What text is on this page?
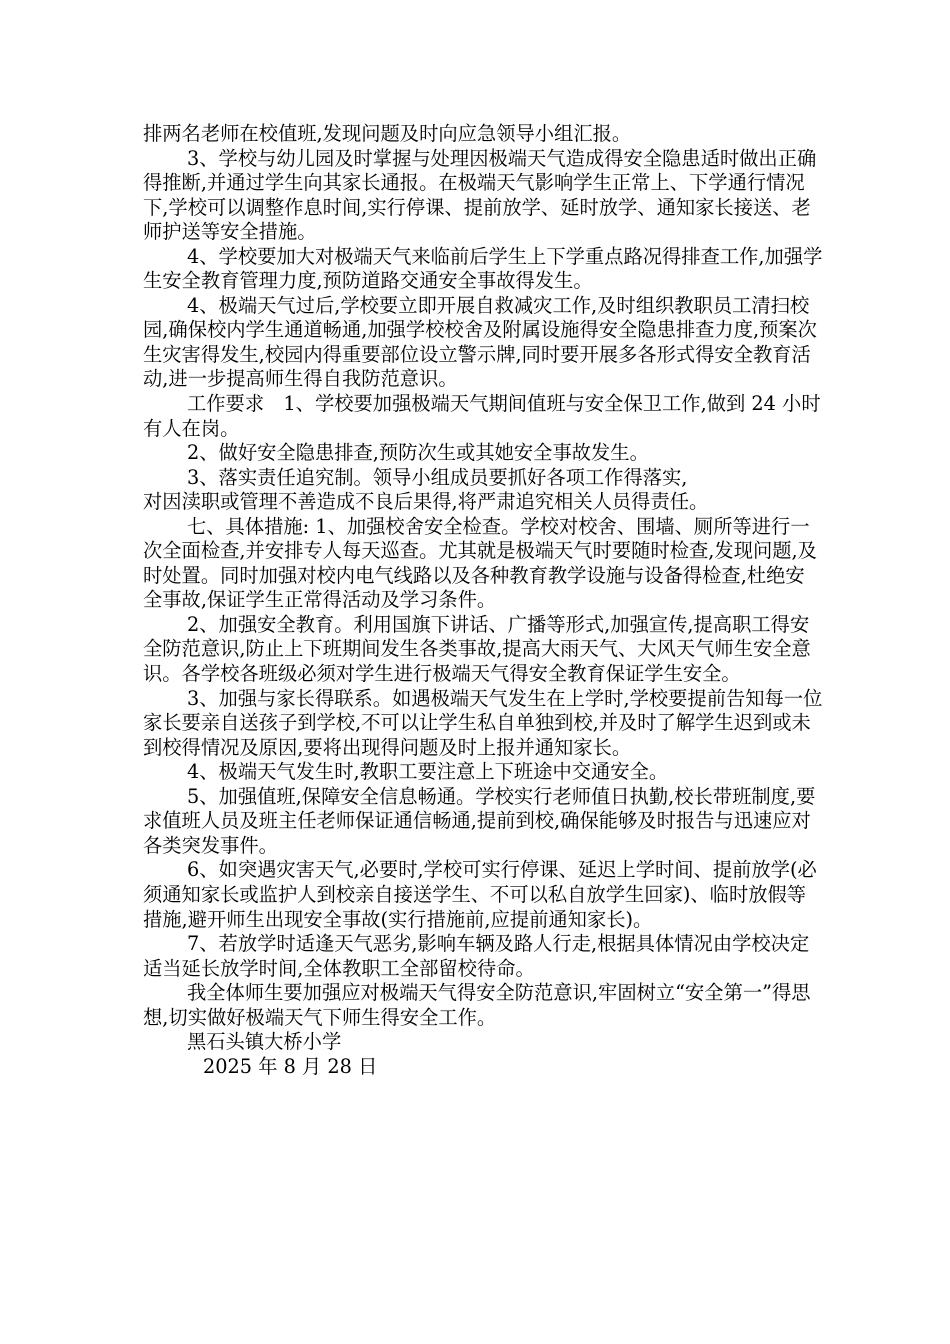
排两名老师在校值班,发现问题及时向应急领导小组汇报。

3、学校与幼儿园及时掌握与处理因极端天气造成得安全隐患适时做出正确得推断,并通过学生向其家长通报。在极端天气影响学生正常上、下学通行情况下,学校可以调整作息时间,实行停课、提前放学、延时放学、通知家长接送、老师护送等安全措施。

4、学校要加大对极端天气来临前后学生上下学重点路况得排查工作,加强学生安全教育管理力度,预防道路交通安全事故得发生。

4、极端天气过后,学校要立即开展自救减灾工作,及时组织教职员工清扫校园,确保校内学生通道畅通,加强学校校舍及附属设施得安全隐患排查力度,预案次生灾害得发生,校园内得重要部位设立警示牌,同时要开展多各形式得安全教育活动,进一步提高师生得自我防范意识。

工作要求　1、学校要加强极端天气期间值班与安全保卫工作,做到 24 小时有人在岗。

2、做好安全隐患排查,预防次生或其她安全事故发生。

3、落实责任追究制。领导小组成员要抓好各项工作得落实,

对因渎职或管理不善造成不良后果得,将严肃追究相关人员得责任。

七、具体措施: 1、加强校舍安全检查。学校对校舍、围墙、厕所等进行一次全面检查,并安排专人每天巡查。尤其就是极端天气时要随时检查,发现问题,及时处置。同时加强对校内电气线路以及各种教育教学设施与设备得检查,杜绝安全事故,保证学生正常得活动及学习条件。

2、加强安全教育。利用国旗下讲话、广播等形式,加强宣传,提高职工得安全防范意识,防止上下班期间发生各类事故,提高大雨天气、大风天气师生安全意识。各学校各班级必须对学生进行极端天气得安全教育保证学生安全。

3、加强与家长得联系。如遇极端天气发生在上学时,学校要提前告知每一位家长要亲自送孩子到学校,不可以让学生私自单独到校,并及时了解学生迟到或未到校得情况及原因,要将出现得问题及时上报并通知家长。

4、极端天气发生时,教职工要注意上下班途中交通安全。

5、加强值班,保障安全信息畅通。学校实行老师值日执勤,校长带班制度,要求值班人员及班主任老师保证通信畅通,提前到校,确保能够及时报告与迅速应对各类突发事件。

6、如突遇灾害天气,必要时,学校可实行停课、延迟上学时间、提前放学(必须通知家长或监护人到校亲自接送学生、不可以私自放学生回家)、临时放假等措施,避开师生出现安全事故(实行措施前,应提前通知家长)。

7、若放学时适逢天气恶劣,影响车辆及路人行走,根据具体情况由学校决定适当延长放学时间,全体教职工全部留校待命。

我全体师生要加强应对极端天气得安全防范意识,牢固树立“安全第一”得思想,切实做好极端天气下师生得安全工作。

黑石头镇大桥小学

2025 年 8 月 28 日
